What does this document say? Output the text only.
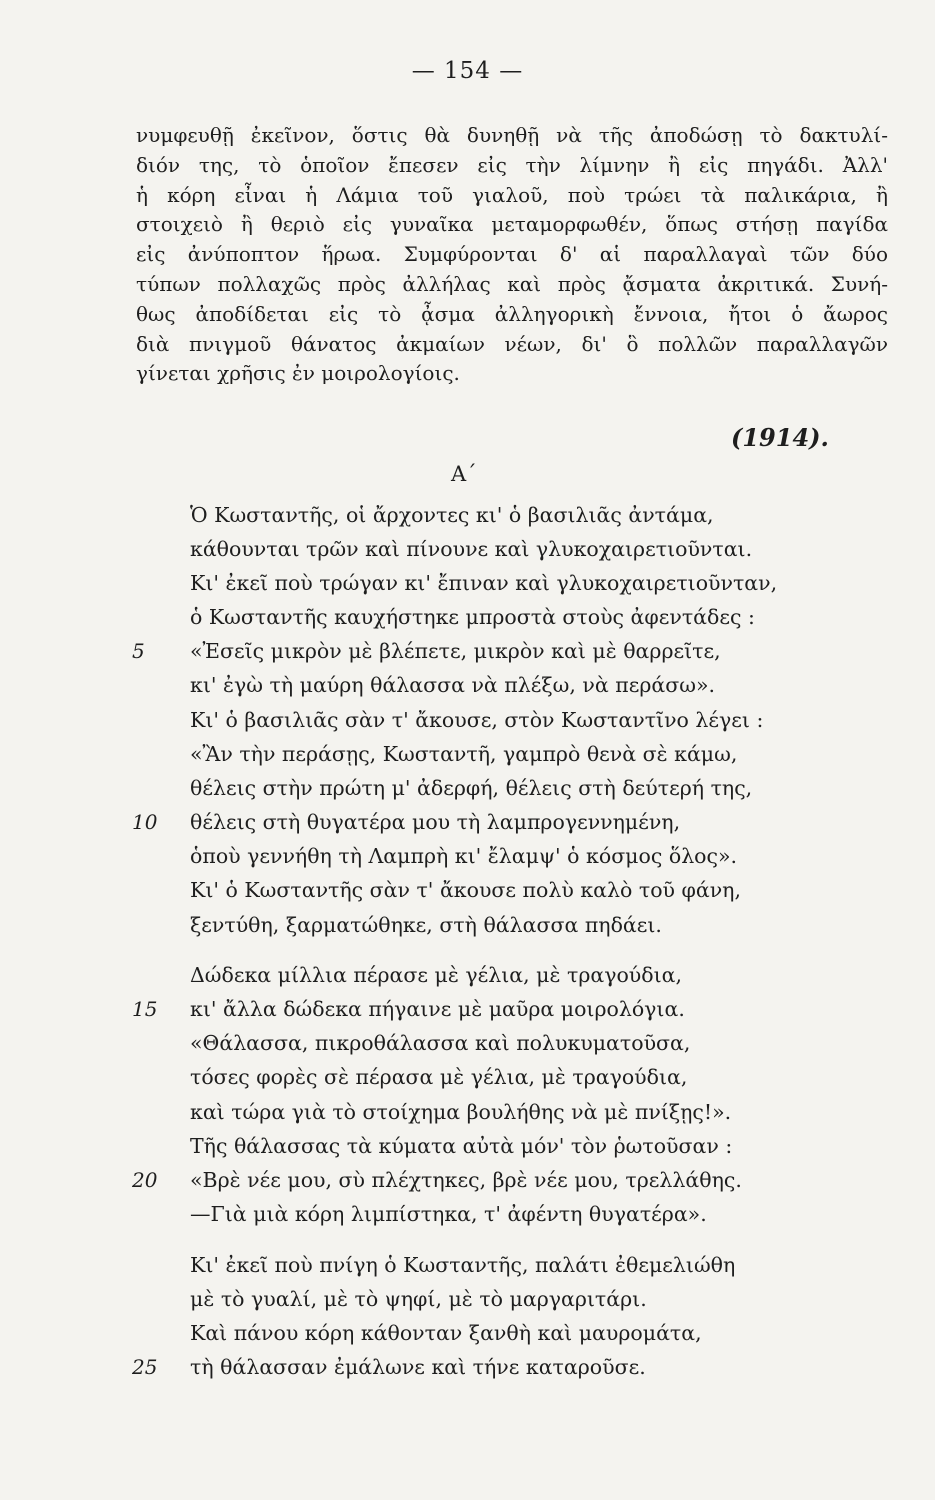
— 154 —
νυμφευθῇ ἐκεῖνον, ὅστις θὰ δυνηθῇ νὰ τῆς ἀποδώσῃ τὸ δακτυλί-
διόν της, τὸ ὁποῖον ἔπεσεν εἰς τὴν λίμνην ἢ εἰς πηγάδι. Ἀλλ'
ἡ κόρη εἶναι ἡ Λάμια τοῦ γιαλοῦ, ποὺ τρώει τὰ παλικάρια, ἢ
στοιχειὸ ἢ θεριὸ εἰς γυναῖκα μεταμορφωθέν, ὅπως στήσῃ παγίδα
εἰς ἀνύποπτον ἥρωα. Συμφύρονται δ' αἱ παραλλαγαὶ τῶν δύο
τύπων πολλαχῶς πρὸς ἀλλήλας καὶ πρὸς ᾄσματα ἀκριτικά. Συνή-
θως ἀποδίδεται εἰς τὸ ᾆσμα ἀλληγορικὴ ἔννοια, ἤτοι ὁ ἄωρος
διὰ πνιγμοῦ θάνατος ἀκμαίων νέων, δι' ὃ πολλῶν παραλλαγῶν
γίνεται χρῆσις ἐν μοιρολογίοις.
(1914).
Α΄
Ὁ Κωσταντῆς, οἱ ἄρχοντες κι' ὁ βασιλιᾶς ἀντάμα,
κάθουνται τρῶν καὶ πίνουνε καὶ γλυκοχαιρετιοῦνται.
Κι' ἐκεῖ ποὺ τρώγαν κι' ἔπιναν καὶ γλυκοχαιρετιοῦνταν,
ὁ Κωσταντῆς καυχήστηκε μπροστὰ στοὺς ἀφεντάδες :
5	«Ἐσεῖς μικρὸν μὲ βλέπετε, μικρὸν καὶ μὲ θαρρεῖτε,
κι' ἐγὼ τὴ μαύρη θάλασσα νὰ πλέξω, νὰ περάσω».
Κι' ὁ βασιλιᾶς σὰν τ' ἄκουσε, στὸν Κωσταντῖνο λέγει :
«Ἂν τὴν περάσῃς, Κωσταντῆ, γαμπρὸ θενὰ σὲ κάμω,
θέλεις στὴν πρώτη μ' ἀδερφή, θέλεις στὴ δεύτερή της,
10	θέλεις στὴ θυγατέρα μου τὴ λαμπρογεννημένη,
ὁποὺ γεννήθη τὴ Λαμπρὴ κι' ἔλαμψ' ὁ κόσμος ὅλος».
Κι' ὁ Κωσταντῆς σὰν τ' ἄκουσε πολὺ καλὸ τοῦ φάνη,
ξεντύθη, ξαρματώθηκε, στὴ θάλασσα πηδάει.
Δώδεκα μίλλια πέρασε μὲ γέλια, μὲ τραγούδια,
15	κι' ἄλλα δώδεκα πήγαινε μὲ μαῦρα μοιρολόγια.
«Θάλασσα, πικροθάλασσα καὶ πολυκυματοῦσα,
τόσες φορὲς σὲ πέρασα μὲ γέλια, μὲ τραγούδια,
καὶ τώρα γιὰ τὸ στοίχημα βουλήθης νὰ μὲ πνίξῃς!».
Τῆς θάλασσας τὰ κύματα αὐτὰ μόν' τὸν ῥωτοῦσαν :
20	«Βρὲ νέε μου, σὺ πλέχτηκες, βρὲ νέε μου, τρελλάθης.
—Γιὰ μιὰ κόρη λιμπίστηκα, τ' ἀφέντη θυγατέρα».
Κι' ἐκεῖ ποὺ πνίγη ὁ Κωσταντῆς, παλάτι ἐθεμελιώθη
μὲ τὸ γυαλί, μὲ τὸ ψηφί, μὲ τὸ μαργαριτάρι.
Καὶ πάνου κόρη κάθονταν ξανθὴ καὶ μαυρομάτα,
25	τὴ θάλασσαν ἐμάλωνε καὶ τήνε καταροῦσε.
